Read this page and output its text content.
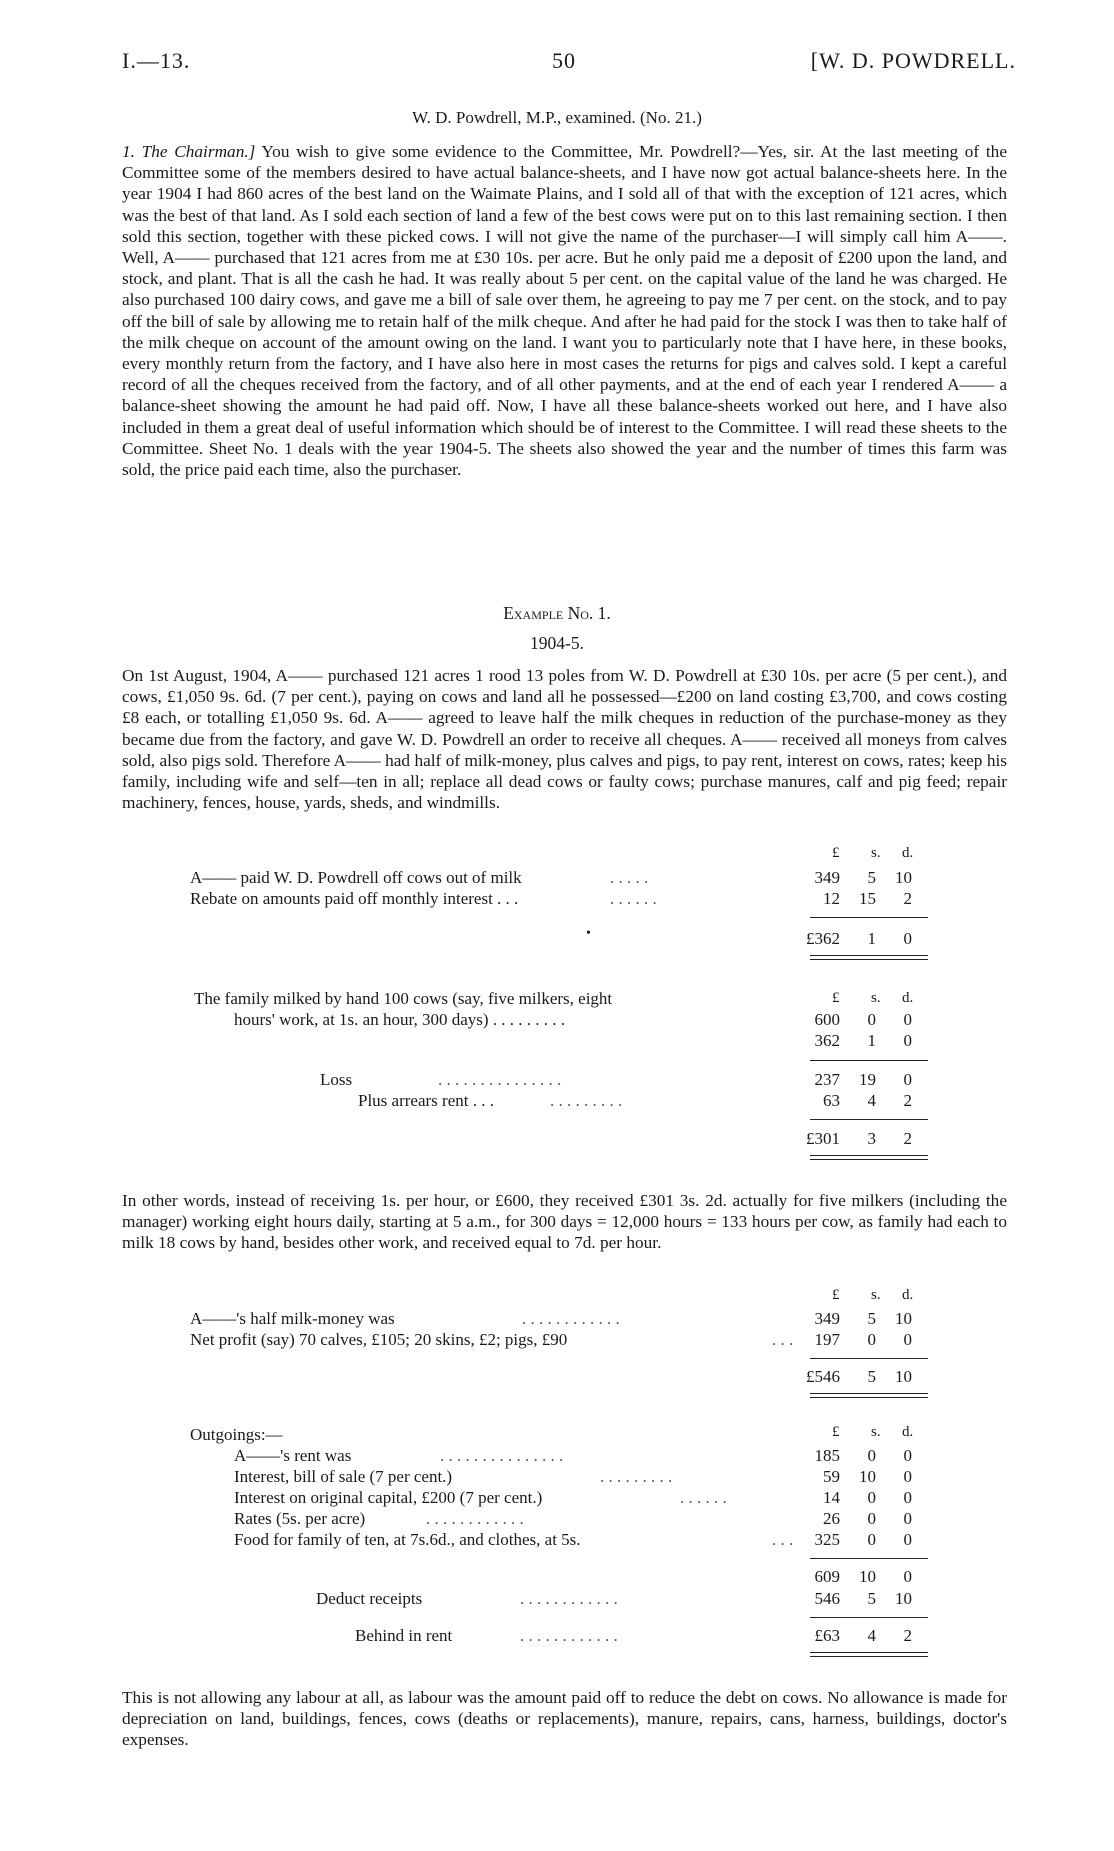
I.—13.	50	[W. D. POWDRELL.
W. D. Powdrell, M.P., examined. (No. 21.)
1. The Chairman.] You wish to give some evidence to the Committee, Mr. Powdrell?—Yes, sir. At the last meeting of the Committee some of the members desired to have actual balance-sheets, and I have now got actual balance-sheets here. In the year 1904 I had 860 acres of the best land on the Waimate Plains, and I sold all of that with the exception of 121 acres, which was the best of that land. As I sold each section of land a few of the best cows were put on to this last remaining section. I then sold this section, together with these picked cows. I will not give the name of the purchaser—I will simply call him A——. Well, A—— purchased that 121 acres from me at £30 10s. per acre. But he only paid me a deposit of £200 upon the land, and stock, and plant. That is all the cash he had. It was really about 5 per cent. on the capital value of the land he was charged. He also purchased 100 dairy cows, and gave me a bill of sale over them, he agreeing to pay me 7 per cent. on the stock, and to pay off the bill of sale by allowing me to retain half of the milk cheque. And after he had paid for the stock I was then to take half of the milk cheque on account of the amount owing on the land. I want you to particularly note that I have here, in these books, every monthly return from the factory, and I have also here in most cases the returns for pigs and calves sold. I kept a careful record of all the cheques received from the factory, and of all other payments, and at the end of each year I rendered A—— a balance-sheet showing the amount he had paid off. Now, I have all these balance-sheets worked out here, and I have also included in them a great deal of useful information which should be of interest to the Committee. I will read these sheets to the Committee. Sheet No. 1 deals with the year 1904-5. The sheets also showed the year and the number of times this farm was sold, the price paid each time, also the purchaser.
Example No. 1.
1904-5.
On 1st August, 1904, A—— purchased 121 acres 1 rood 13 poles from W. D. Powdrell at £30 10s. per acre (5 per cent.), and cows, £1,050 9s. 6d. (7 per cent.), paying on cows and land all he possessed—£200 on land costing £3,700, and cows costing £8 each, or totalling £1,050 9s. 6d. A—— agreed to leave half the milk cheques in reduction of the purchase-money as they became due from the factory, and gave W. D. Powdrell an order to receive all cheques. A—— received all moneys from calves sold, also pigs sold. Therefore A—— had half of milk-money, plus calves and pigs, to pay rent, interest on cows, rates; keep his family, including wife and self—ten in all; replace all dead cows or faulty cows; purchase manures, calf and pig feed; repair machinery, fences, house, yards, sheds, and windmills.
£ s. d.
A—— paid W. D. Powdrell off cows out of milk	. . . . .	349	5	10
Rebate on amounts paid off monthly interest . . .	. . . . . .	12	15	2
•	£362	1	0
£ s. d.
The family milked by hand 100 cows (say, five milkers, eight
hours' work, at 1s. an hour, 300 days) . . . . . . . . .	600	0	0
362	1	0
Loss	. . . . . . . . . . . . . . .	237	19	0
Plus arrears rent . . .	. . . . . . . . .	63	4	2
£301	3	2
In other words, instead of receiving 1s. per hour, or £600, they received £301 3s. 2d. actually for five milkers (including the manager) working eight hours daily, starting at 5 a.m., for 300 days = 12,000 hours = 133 hours per cow, as family had each to milk 18 cows by hand, besides other work, and received equal to 7d. per hour.
£ s. d.
A——'s half milk-money was	. . . . . . . . . . . .	349	5	10
Net profit (say) 70 calves, £105; 20 skins, £2; pigs, £90	. . .	197	0	0
£546	5	10
Outgoings:—	£ s. d.
A——'s rent was	. . . . . . . . . . . . . . .	185	0	0
Interest, bill of sale (7 per cent.)	. . . . . . . . .	59	10	0
Interest on original capital, £200 (7 per cent.)	. . . . . .	14	0	0
Rates (5s. per acre)	. . . . . . . . . . . .	26	0	0
Food for family of ten, at 7s.6d., and clothes, at 5s.	. . .	325	0	0
609	10	0
Deduct receipts	. . . . . . . . . . . .	546	5	10
Behind in rent	. . . . . . . . . . . .	£63	4	2
This is not allowing any labour at all, as labour was the amount paid off to reduce the debt on cows. No allowance is made for depreciation on land, buildings, fences, cows (deaths or replacements), manure, repairs, cans, harness, buildings, doctor's expenses.
